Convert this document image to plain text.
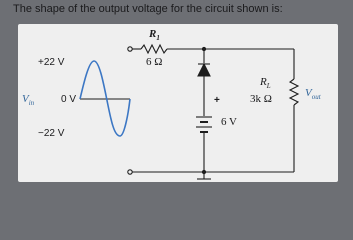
The shape of the output voltage for the circuit shown is:
+22 V
0 V
−22 V
$V_{in}$
$R_1$
6 Ω
+
6 V
$R_L$
3k Ω	$V_{out}$
